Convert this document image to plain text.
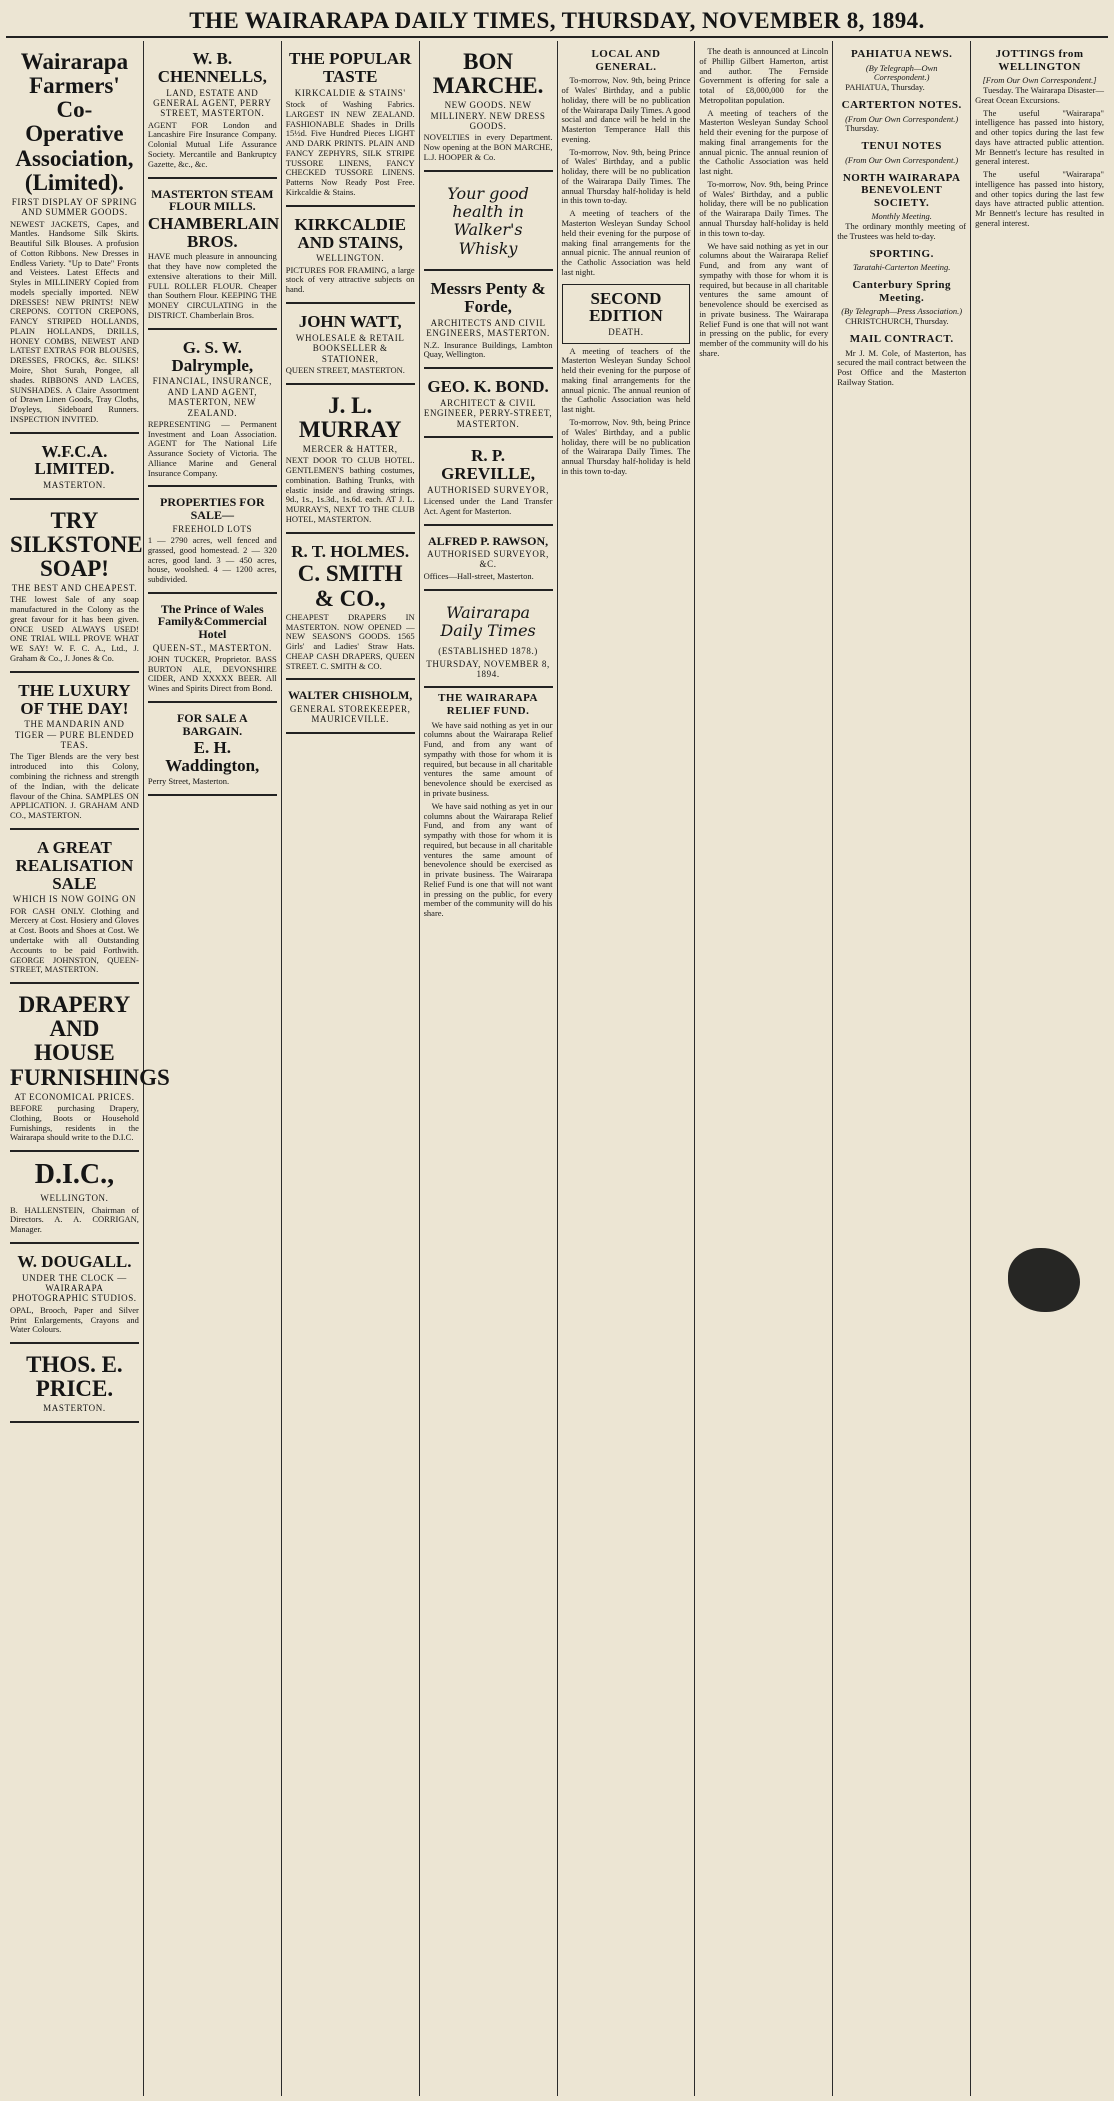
THE WAIRARAPA DAILY TIMES, THURSDAY, NOVEMBER 8, 1894.
Wairarapa Farmers' Co-Operative Association, (Limited).
FIRST DISPLAY OF SPRING AND SUMMER GOODS.
NEWEST JACKETS, Capes, and Mantles. Handsome Silk Skirts. Beautiful Silk Blouses. A profusion of Cotton Ribbons. New Dresses in Endless Variety. "Up to Date" Fronts and Veistees. Latest Effects and Styles in MILLINERY Copied from models specially imported. NEW DRESSES! NEW PRINTS! NEW CREPONS. COTTON CREPONS, FANCY STRIPED HOLLANDS, PLAIN HOLLANDS, DRILLS, HONEY COMBS, NEWEST AND LATEST EXTRAS FOR BLOUSES, DRESSES, FROCKS, &c. SILKS! Moire, Shot Surah, Pongee, all shades. RIBBONS AND LACES, SUNSHADES. A Claire Assortment of Drawn Linen Goods, Tray Cloths, D'oyleys, Sideboard Runners. INSPECTION INVITED.
W.F.C.A. LIMITED.
MASTERTON.
TRY SILKSTONE SOAP!
THE BEST AND CHEAPEST.
THE lowest Sale of any soap manufactured in the Colony as the great favour for it has been given. ONCE USED ALWAYS USED! ONE TRIAL WILL PROVE WHAT WE SAY! W. F. C. A., Ltd., J. Graham & Co., J. Jones & Co.
THE LUXURY OF THE DAY!
THE MANDARIN AND TIGER — PURE BLENDED TEAS.
The Tiger Blends are the very best introduced into this Colony, combining the richness and strength of the Indian, with the delicate flavour of the China. SAMPLES ON APPLICATION. J. GRAHAM AND CO., MASTERTON.
A GREAT REALISATION SALE
WHICH IS NOW GOING ON
FOR CASH ONLY. Clothing and Mercery at Cost. Hosiery and Gloves at Cost. Boots and Shoes at Cost. We undertake with all Outstanding Accounts to be paid Forthwith. GEORGE JOHNSTON, QUEEN-STREET, MASTERTON.
DRAPERY AND HOUSE FURNISHINGS
AT ECONOMICAL PRICES.
BEFORE purchasing Drapery, Clothing, Boots or Household Furnishings, residents in the Wairarapa should write to the D.I.C.
D.I.C.,
WELLINGTON.
B. HALLENSTEIN, Chairman of Directors. A. A. CORRIGAN, Manager.
W. DOUGALL.
UNDER THE CLOCK — WAIRARAPA PHOTOGRAPHIC STUDIOS.
OPAL, Brooch, Paper and Silver Print Enlargements, Crayons and Water Colours.
THOS. E. PRICE.
MASTERTON.
W. B. CHENNELLS,
LAND, ESTATE AND GENERAL AGENT, PERRY STREET, MASTERTON.
AGENT FOR London and Lancashire Fire Insurance Company. Colonial Mutual Life Assurance Society. Mercantile and Bankruptcy Gazette, &c., &c.
MASTERTON STEAM FLOUR MILLS.
CHAMBERLAIN BROS.
HAVE much pleasure in announcing that they have now completed the extensive alterations to their Mill. FULL ROLLER FLOUR. Cheaper than Southern Flour. KEEPING THE MONEY CIRCULATING in the DISTRICT. Chamberlain Bros.
G. S. W. Dalrymple,
FINANCIAL, INSURANCE, AND LAND AGENT, MASTERTON, NEW ZEALAND.
REPRESENTING — Permanent Investment and Loan Association. AGENT for The National Life Assurance Society of Victoria. The Alliance Marine and General Insurance Company.
PROPERTIES FOR SALE—
FREEHOLD LOTS
1 — 2790 acres, well fenced and grassed, good homestead. 2 — 320 acres, good land. 3 — 450 acres, house, woolshed. 4 — 1200 acres, subdivided.
The Prince of Wales Family&Commercial Hotel
QUEEN-ST., MASTERTON.
JOHN TUCKER, Proprietor. BASS BURTON ALE, DEVONSHIRE CIDER, AND XXXXX BEER. All Wines and Spirits Direct from Bond.
FOR SALE A BARGAIN.
E. H. Waddington,
Perry Street, Masterton.
THE POPULAR TASTE
KIRKCALDIE & STAINS'
Stock of Washing Fabrics. LARGEST IN NEW ZEALAND. FASHIONABLE Shades in Drills 15½d. Five Hundred Pieces LIGHT AND DARK PRINTS. PLAIN AND FANCY ZEPHYRS, SILK STRIPE TUSSORE LINENS, FANCY CHECKED TUSSORE LINENS. Patterns Now Ready Post Free. Kirkcaldie & Stains.
KIRKCALDIE AND STAINS,
WELLINGTON.
PICTURES FOR FRAMING, a large stock of very attractive subjects on hand.
JOHN WATT,
WHOLESALE & RETAIL BOOKSELLER & STATIONER,
QUEEN STREET, MASTERTON.
J. L. MURRAY
MERCER & HATTER,
NEXT DOOR TO CLUB HOTEL. GENTLEMEN'S bathing costumes, combination. Bathing Trunks, with elastic inside and drawing strings. 9d., 1s., 1s.3d., 1s.6d. each. AT J. L. MURRAY'S, NEXT TO THE CLUB HOTEL, MASTERTON.
R. T. HOLMES.
C. SMITH & CO.,
CHEAPEST DRAPERS IN MASTERTON. NOW OPENED — NEW SEASON'S GOODS. 1565 Girls' and Ladies' Straw Hats. CHEAP CASH DRAPERS, QUEEN STREET. C. SMITH & CO.
WALTER CHISHOLM,
GENERAL STOREKEEPER, MAURICEVILLE.
BON MARCHE.
NEW GOODS. NEW MILLINERY. NEW DRESS GOODS.
NOVELTIES in every Department. Now opening at the BON MARCHE, L.J. HOOPER & Co.
Your good health in Walker's Whisky
Messrs Penty & Forde,
ARCHITECTS AND CIVIL ENGINEERS, MASTERTON.
N.Z. Insurance Buildings, Lambton Quay, Wellington.
GEO. K. BOND.
ARCHITECT & CIVIL ENGINEER, PERRY-STREET, MASTERTON.
R. P. GREVILLE,
AUTHORISED SURVEYOR,
Licensed under the Land Transfer Act. Agent for Masterton.
ALFRED P. RAWSON,
AUTHORISED SURVEYOR, &C.
Offices—Hall-street, Masterton.
Wairarapa Daily Times
(ESTABLISHED 1878.)
THURSDAY, NOVEMBER 8, 1894.
THE WAIRARAPA RELIEF FUND.

We have said nothing as yet in our columns about the Wairarapa Relief Fund, and from any want of sympathy with those for whom it is required, but because in all charitable ventures the same amount of benevolence should be exercised as in private business.

We have said nothing as yet in our columns about the Wairarapa Relief Fund, and from any want of sympathy with those for whom it is required, but because in all charitable ventures the same amount of benevolence should be exercised as in private business. The Wairarapa Relief Fund is one that will not want in pressing on the public, for every member of the community will do his share.

LOCAL AND GENERAL.

To-morrow, Nov. 9th, being Prince of Wales' Birthday, and a public holiday, there will be no publication of the Wairarapa Daily Times. A good social and dance will be held in the Masterton Temperance Hall this evening.

To-morrow, Nov. 9th, being Prince of Wales' Birthday, and a public holiday, there will be no publication of the Wairarapa Daily Times. The annual Thursday half-holiday is held in this town to-day.

A meeting of teachers of the Masterton Wesleyan Sunday School held their evening for the purpose of making final arrangements for the annual picnic. The annual reunion of the Catholic Association was held last night.

SECOND EDITION
DEATH.

A meeting of teachers of the Masterton Wesleyan Sunday School held their evening for the purpose of making final arrangements for the annual picnic. The annual reunion of the Catholic Association was held last night.

To-morrow, Nov. 9th, being Prince of Wales' Birthday, and a public holiday, there will be no publication of the Wairarapa Daily Times. The annual Thursday half-holiday is held in this town to-day.

The death is announced at Lincoln of Phillip Gilbert Hamerton, artist and author. The Fernside Government is offering for sale a total of £8,000,000 for the Metropolitan population.

A meeting of teachers of the Masterton Wesleyan Sunday School held their evening for the purpose of making final arrangements for the annual picnic. The annual reunion of the Catholic Association was held last night.

To-morrow, Nov. 9th, being Prince of Wales' Birthday, and a public holiday, there will be no publication of the Wairarapa Daily Times. The annual Thursday half-holiday is held in this town to-day.

We have said nothing as yet in our columns about the Wairarapa Relief Fund, and from any want of sympathy with those for whom it is required, but because in all charitable ventures the same amount of benevolence should be exercised as in private business. The Wairarapa Relief Fund is one that will not want in pressing on the public, for every member of the community will do his share.

PAHIATUA NEWS.
(By Telegraph—Own Correspondent.)

PAHIATUA, Thursday.

CARTERTON NOTES.
(From Our Own Correspondent.)

Thursday.

TENUI NOTES
(From Our Own Correspondent.)
NORTH WAIRARAPA BENEVOLENT SOCIETY.
Monthly Meeting.

The ordinary monthly meeting of the Trustees was held to-day.

SPORTING.
Taratahi-Carterton Meeting.
Canterbury Spring Meeting.
(By Telegraph—Press Association.)

CHRISTCHURCH, Thursday.

MAIL CONTRACT.

Mr J. M. Cole, of Masterton, has secured the mail contract between the Post Office and the Masterton Railway Station.

JOTTINGS from WELLINGTON
[From Our Own Correspondent.]

Tuesday. The Wairarapa Disaster—Great Ocean Excursions.

The useful "Wairarapa" intelligence has passed into history, and other topics during the last few days have attracted public attention. Mr Bennett's lecture has resulted in general interest.

The useful "Wairarapa" intelligence has passed into history, and other topics during the last few days have attracted public attention. Mr Bennett's lecture has resulted in general interest.
